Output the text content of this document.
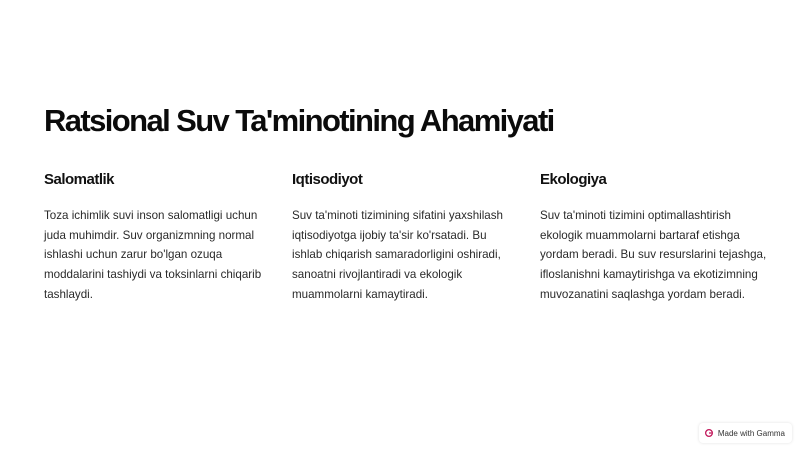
Ratsional Suv Ta'minotining Ahamiyati
Salomatlik

Toza ichimlik suvi inson salomatligi uchun juda muhimdir. Suv organizmning normal ishlashi uchun zarur bo'lgan ozuqa moddalarini tashiydi va toksinlarni chiqarib tashlaydi.

Iqtisodiyot

Suv ta'minoti tizimining sifatini yaxshilash iqtisodiyotga ijobiy ta'sir ko'rsatadi. Bu ishlab chiqarish samaradorligini oshiradi, sanoatni rivojlantiradi va ekologik muammolarni kamaytiradi.

Ekologiya

Suv ta'minoti tizimini optimallashtirish ekologik muammolarni bartaraf etishga yordam beradi. Bu suv resurslarini tejashga, ifloslanishni kamaytirishga va ekotizimning muvozanatini saqlashga yordam beradi.

Made with Gamma
